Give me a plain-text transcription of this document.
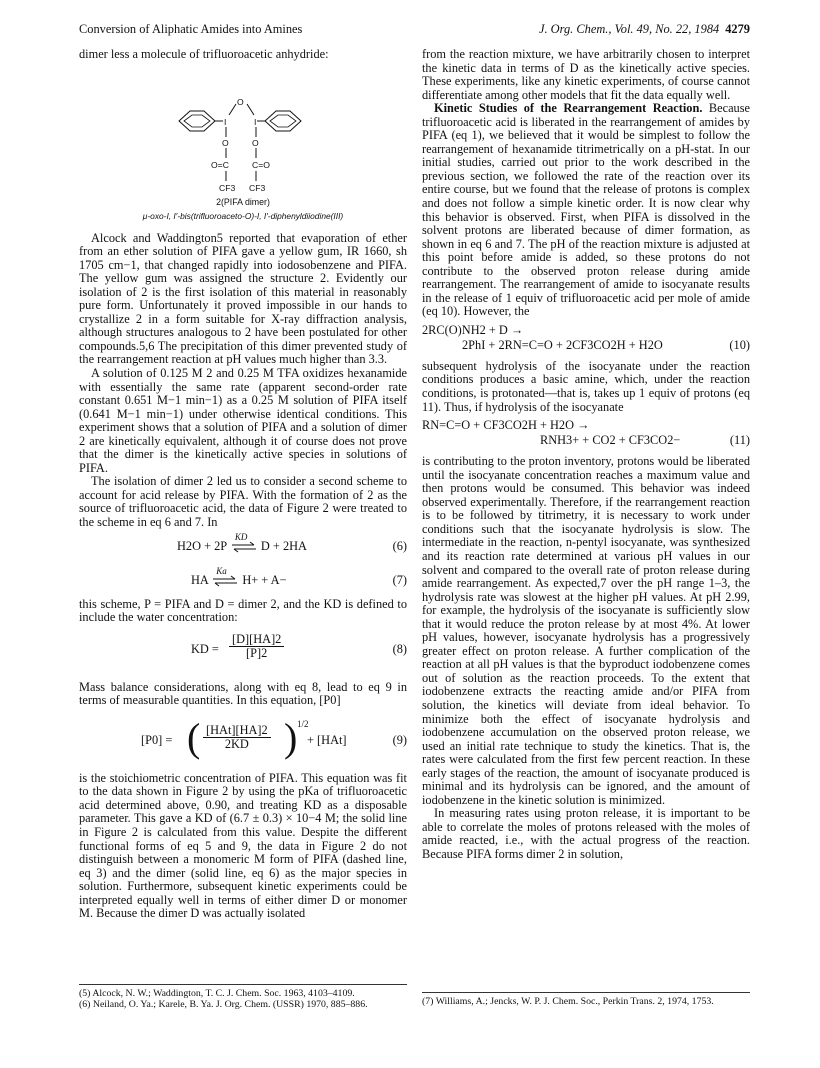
Conversion of Aliphatic Amides into Amines	J. Org. Chem., Vol. 49, No. 22, 1984 4279

dimer less a molecule of trifluoroacetic anhydride:

O
I	I
O	O
O=C	C=O
CF3 CF3

2(PIFA dimer)

μ-oxo-I, I′-bis(trifluoroaceto-O)-I, I′-diphenyldiiodine(III)

Alcock and Waddington5 reported that evaporation of ether from an ether solution of PIFA gave a yellow gum, IR 1660, sh 1705 cm−1, that changed rapidly into iodosobenzene and PIFA. The yellow gum was assigned the structure 2. Evidently our isolation of 2 is the first isolation of this material in reasonably pure form. Unfortunately it proved impossible in our hands to crystallize 2 in a form suitable for X-ray diffraction analysis, although structures analogous to 2 have been postulated for other compounds.5,6 The precipitation of this dimer prevented study of the rearrangement reaction at pH values much higher than 3.3.

A solution of 0.125 M 2 and 0.25 M TFA oxidizes hexanamide with essentially the same rate (apparent second-order rate constant 0.651 M−1 min−1) as a 0.25 M solution of PIFA itself (0.641 M−1 min−1) under otherwise identical conditions. This experiment shows that a solution of PIFA and a solution of dimer 2 are kinetically equivalent, although it of course does not prove that the dimer is the kinetically active species in solutions of PIFA.

The isolation of dimer 2 led us to consider a second scheme to account for acid release by PIFA. With the formation of 2 as the source of trifluoroacetic acid, the data of Figure 2 were treated to the scheme in eq 6 and 7. In

H2O + 2P
KD
D + 2HA	(6)
HA
Ka
H+ + A−	(7)

this scheme, P = PIFA and D = dimer 2, and the KD is defined to include the water concentration:

KD = $\frac{[D][HA]2}{[P]2}$	(8)

Mass balance considerations, along with eq 8, lead to eq 9 in terms of measurable quantities. In this equation, [P0]

[P0] = ( [HAt][HA]2
2KD ) 1/2
+ [HAt]	(9)

is the stoichiometric concentration of PIFA. This equation was fit to the data shown in Figure 2 by using the pKa of trifluoroacetic acid determined above, 0.90, and treating KD as a disposable parameter. This gave a KD of (6.7 ± 0.3) × 10−4 M; the solid line in Figure 2 is calculated from this value. Despite the different functional forms of eq 5 and 9, the data in Figure 2 do not distinguish between a monomeric M form of PIFA (dashed line, eq 3) and the dimer (solid line, eq 6) as the major species in solution. Furthermore, subsequent kinetic experiments could be interpreted equally well in terms of either dimer D or monomer M. Because the dimer D was actually isolated

(5) Alcock, N. W.; Waddington, T. C. J. Chem. Soc. 1963, 4103–4109.
(6) Neiland, O. Ya.; Karele, B. Ya. J. Org. Chem. (USSR) 1970, 885–886.

from the reaction mixture, we have arbitrarily chosen to interpret the kinetic data in terms of D as the kinetically active species. These experiments, like any kinetic experiments, of course cannot differentiate among other models that fit the data equally well.

Kinetic Studies of the Rearrangement Reaction. Because trifluoroacetic acid is liberated in the rearrangement of amides by PIFA (eq 1), we believed that it would be simplest to follow the rearrangement of hexanamide titrimetrically on a pH-stat. In our initial studies, carried out prior to the work described in the previous section, we followed the rate of the reaction over its entire course, but we found that the release of protons is complex and does not follow a simple kinetic order. It is now clear why this behavior is observed. First, when PIFA is dissolved in the solvent protons are liberated because of dimer formation, as shown in eq 6 and 7. The pH of the reaction mixture is adjusted at this point before amide is added, so these protons do not contribute to the observed proton release during amide rearrangement. The rearrangement of amide to isocyanate results in the release of 1 equiv of trifluoroacetic acid per mole of amide (eq 10). However, the

2RC(O)NH2 + D →
2PhI + 2RN=C=O + 2CF3CO2H + H2O	(10)

subsequent hydrolysis of the isocyanate under the reaction conditions produces a basic amine, which, under the reaction conditions, is protonated—that is, takes up 1 equiv of protons (eq 11). Thus, if hydrolysis of the isocyanate

RN=C=O + CF3CO2H + H2O →
RNH3+ + CO2 + CF3CO2−	(11)

is contributing to the proton inventory, protons would be liberated until the isocyanate concentration reaches a maximum value and then protons would be consumed. This behavior was indeed observed experimentally. Therefore, if the rearrangement reaction is to be followed by titrimetry, it is necessary to work under conditions such that the isocyanate hydrolysis is slow. The intermediate in the reaction, n-pentyl isocyanate, was synthesized and its reaction rate determined at various pH values in our solvent and compared to the overall rate of proton release during amide rearrangement. As expected,7 over the pH range 1–3, the hydrolysis rate was slowest at the higher pH values. At pH 2.99, for example, the hydrolysis of the isocyanate is sufficiently slow that it would reduce the proton release by at most 4%. At lower pH values, however, isocyanate hydrolysis has a progressively greater effect on proton release. A further complication of the reaction at all pH values is that the byproduct iodobenzene comes out of solution as the reaction proceeds. To the extent that iodobenzene extracts the reacting amide and/or PIFA from solution, the kinetics will deviate from ideal behavior. To minimize both the effect of isocyanate hydrolysis and iodobenzene accumulation on the observed proton release, we used an initial rate technique to study the kinetics. That is, the rates were calculated from the first few percent reaction. In these early stages of the reaction, the amount of isocyanate produced is minimal and its hydrolysis can be ignored, and the amount of iodobenzene in the kinetic solution is minimized.

In measuring rates using proton release, it is important to be able to correlate the moles of protons released with the moles of amide reacted, i.e., with the actual progress of the reaction. Because PIFA forms dimer 2 in solution,

(7) Williams, A.; Jencks, W. P. J. Chem. Soc., Perkin Trans. 2, 1974, 1753.
